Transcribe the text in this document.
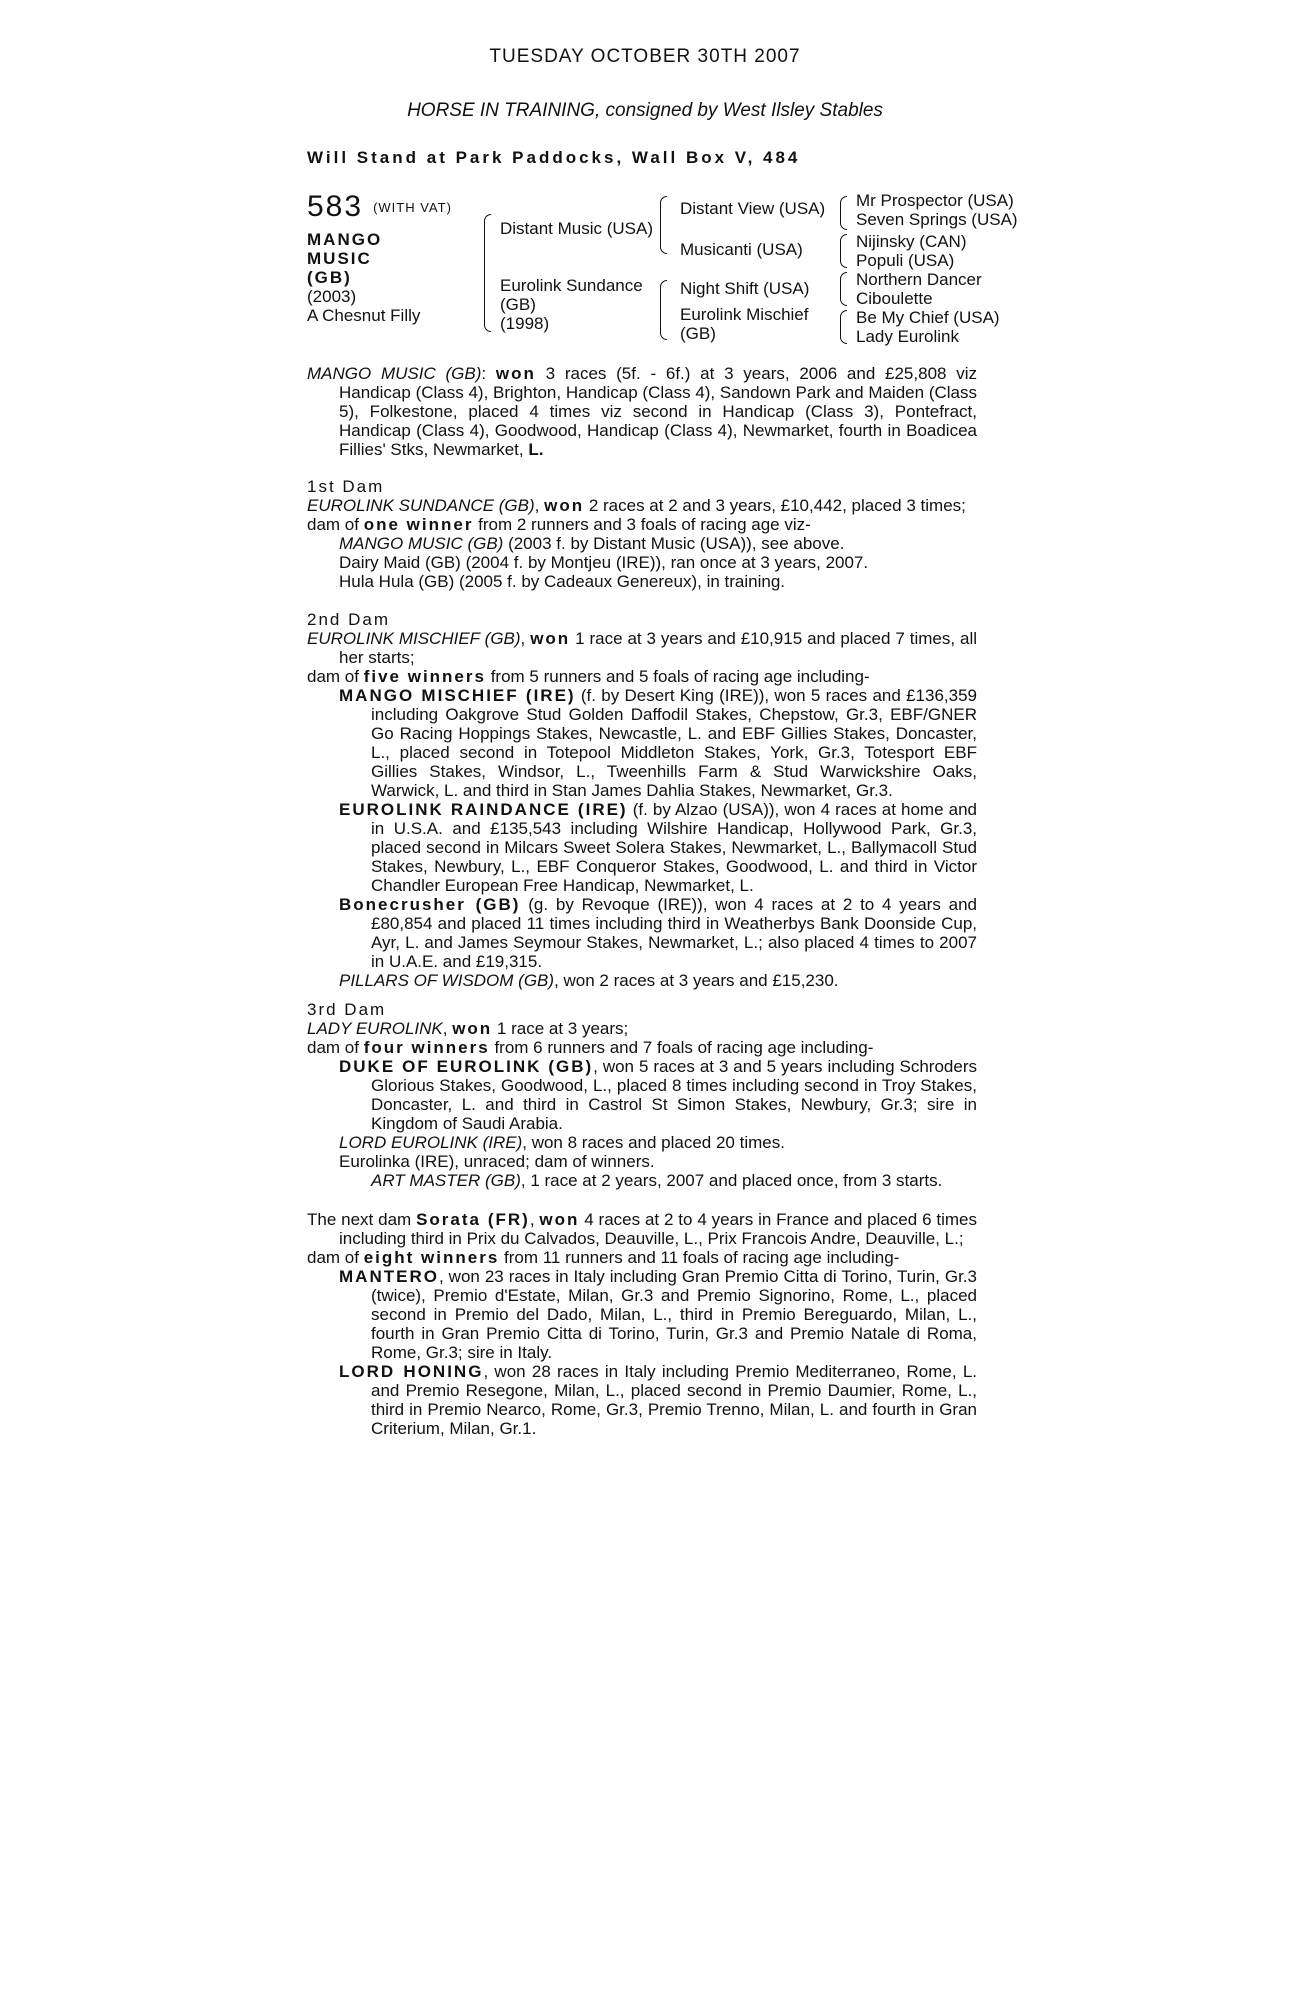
TUESDAY OCTOBER 30TH 2007
HORSE IN TRAINING, consigned by West Ilsley Stables
Will Stand at Park Paddocks, Wall Box V, 484
583 (WITH VAT)
MANGO MUSIC
(GB)
(2003)
A Chesnut Filly
Distant Music (USA)
Eurolink Sundance
(GB)
(1998)
Distant View (USA)
Musicanti (USA)
Night Shift (USA)
Eurolink Mischief
(GB)
Mr Prospector (USA)
Seven Springs (USA)
Nijinsky (CAN)
Populi (USA)
Northern Dancer
Ciboulette
Be My Chief (USA)
Lady Eurolink

MANGO MUSIC (GB): won 3 races (5f. - 6f.) at 3 years, 2006 and £25,808 viz Handicap (Class 4), Brighton, Handicap (Class 4), Sandown Park and Maiden (Class 5), Folkestone, placed 4 times viz second in Handicap (Class 3), Pontefract, Handicap (Class 4), Goodwood, Handicap (Class 4), Newmarket, fourth in Boadicea Fillies' Stks, Newmarket, L.

1st Dam

EUROLINK SUNDANCE (GB), won 2 races at 2 and 3 years, £10,442, placed 3 times;

dam of one winner from 2 runners and 3 foals of racing age viz-

MANGO MUSIC (GB) (2003 f. by Distant Music (USA)), see above.

Dairy Maid (GB) (2004 f. by Montjeu (IRE)), ran once at 3 years, 2007.

Hula Hula (GB) (2005 f. by Cadeaux Genereux), in training.

2nd Dam

EUROLINK MISCHIEF (GB), won 1 race at 3 years and £10,915 and placed 7 times, all her starts;

dam of five winners from 5 runners and 5 foals of racing age including-

MANGO MISCHIEF (IRE) (f. by Desert King (IRE)), won 5 races and £136,359 including Oakgrove Stud Golden Daffodil Stakes, Chepstow, Gr.3, EBF/GNER Go Racing Hoppings Stakes, Newcastle, L. and EBF Gillies Stakes, Doncaster, L., placed second in Totepool Middleton Stakes, York, Gr.3, Totesport EBF Gillies Stakes, Windsor, L., Tweenhills Farm & Stud Warwickshire Oaks, Warwick, L. and third in Stan James Dahlia Stakes, Newmarket, Gr.3.

EUROLINK RAINDANCE (IRE) (f. by Alzao (USA)), won 4 races at home and in U.S.A. and £135,543 including Wilshire Handicap, Hollywood Park, Gr.3, placed second in Milcars Sweet Solera Stakes, Newmarket, L., Ballymacoll Stud Stakes, Newbury, L., EBF Conqueror Stakes, Goodwood, L. and third in Victor Chandler European Free Handicap, Newmarket, L.

Bonecrusher (GB) (g. by Revoque (IRE)), won 4 races at 2 to 4 years and £80,854 and placed 11 times including third in Weatherbys Bank Doonside Cup, Ayr, L. and James Seymour Stakes, Newmarket, L.; also placed 4 times to 2007 in U.A.E. and £19,315.

PILLARS OF WISDOM (GB), won 2 races at 3 years and £15,230.

3rd Dam

LADY EUROLINK, won 1 race at 3 years;

dam of four winners from 6 runners and 7 foals of racing age including-

DUKE OF EUROLINK (GB), won 5 races at 3 and 5 years including Schroders Glorious Stakes, Goodwood, L., placed 8 times including second in Troy Stakes, Doncaster, L. and third in Castrol St Simon Stakes, Newbury, Gr.3; sire in Kingdom of Saudi Arabia.

LORD EUROLINK (IRE), won 8 races and placed 20 times.

Eurolinka (IRE), unraced; dam of winners.

ART MASTER (GB), 1 race at 2 years, 2007 and placed once, from 3 starts.

The next dam Sorata (FR), won 4 races at 2 to 4 years in France and placed 6 times including third in Prix du Calvados, Deauville, L., Prix Francois Andre, Deauville, L.;

dam of eight winners from 11 runners and 11 foals of racing age including-

MANTERO, won 23 races in Italy including Gran Premio Citta di Torino, Turin, Gr.3 (twice), Premio d'Estate, Milan, Gr.3 and Premio Signorino, Rome, L., placed second in Premio del Dado, Milan, L., third in Premio Bereguardo, Milan, L., fourth in Gran Premio Citta di Torino, Turin, Gr.3 and Premio Natale di Roma, Rome, Gr.3; sire in Italy.

LORD HONING, won 28 races in Italy including Premio Mediterraneo, Rome, L. and Premio Resegone, Milan, L., placed second in Premio Daumier, Rome, L., third in Premio Nearco, Rome, Gr.3, Premio Trenno, Milan, L. and fourth in Gran Criterium, Milan, Gr.1.
